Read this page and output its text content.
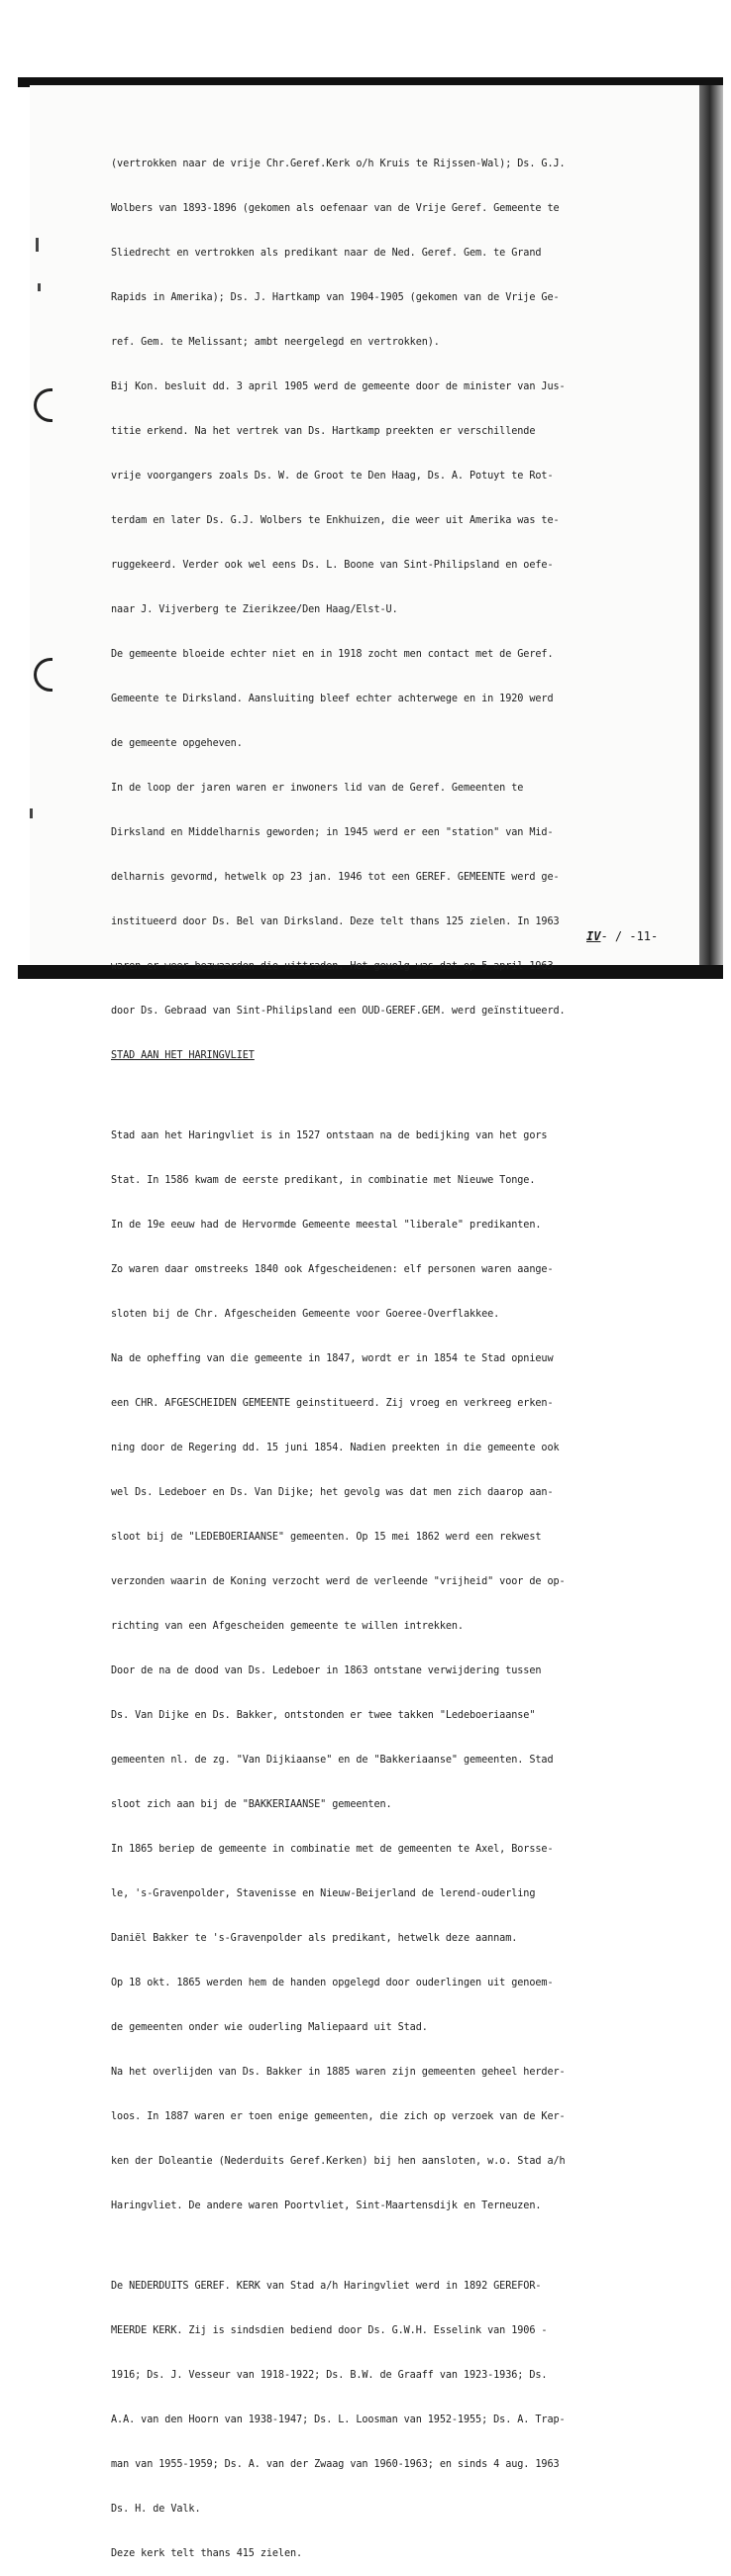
(vertrokken naar de vrije Chr.Geref.Kerk o/h Kruis te Rijssen-Wal); Ds. G.J.

Wolbers van 1893-1896 (gekomen als oefenaar van de Vrije Geref. Gemeente te

Sliedrecht en vertrokken als predikant naar de Ned. Geref. Gem. te Grand

Rapids in Amerika); Ds. J. Hartkamp van 1904-1905 (gekomen van de Vrije Ge-

ref. Gem. te Melissant; ambt neergelegd en vertrokken).

Bij Kon. besluit dd. 3 april 1905 werd de gemeente door de minister van Jus-

titie erkend. Na het vertrek van Ds. Hartkamp preekten er verschillende

vrije voorgangers zoals Ds. W. de Groot te Den Haag, Ds. A. Potuyt te Rot-

terdam en later Ds. G.J. Wolbers te Enkhuizen, die weer uit Amerika was te-

ruggekeerd. Verder ook wel eens Ds. L. Boone van Sint-Philipsland en oefe-

naar J. Vijverberg te Zierikzee/Den Haag/Elst-U.

De gemeente bloeide echter niet en in 1918 zocht men contact met de Geref.

Gemeente te Dirksland. Aansluiting bleef echter achterwege en in 1920 werd

de gemeente opgeheven.

In de loop der jaren waren er inwoners lid van de Geref. Gemeenten te

Dirksland en Middelharnis geworden; in 1945 werd er een "station" van Mid-

delharnis gevormd, hetwelk op 23 jan. 1946 tot een GEREF. GEMEENTE werd ge-

institueerd door Ds. Bel van Dirksland. Deze telt thans 125 zielen. In 1963

waren er weer bezwaarden die uittraden. Het gevolg was dat op 5 april 1963

door Ds. Gebraad van Sint-Philipsland een OUD-GEREF.GEM. werd geïnstitueerd.

STAD AAN HET HARINGVLIET

Stad aan het Haringvliet is in 1527 ontstaan na de bedijking van het gors

Stat. In 1586 kwam de eerste predikant, in combinatie met Nieuwe Tonge.

In de 19e eeuw had de Hervormde Gemeente meestal "liberale" predikanten.

Zo waren daar omstreeks 1840 ook Afgescheidenen: elf personen waren aange-

sloten bij de Chr. Afgescheiden Gemeente voor Goeree-Overflakkee.

Na de opheffing van die gemeente in 1847, wordt er in 1854 te Stad opnieuw

een CHR. AFGESCHEIDEN GEMEENTE geinstitueerd. Zij vroeg en verkreeg erken-

ning door de Regering dd. 15 juni 1854. Nadien preekten in die gemeente ook

wel Ds. Ledeboer en Ds. Van Dijke; het gevolg was dat men zich daarop aan-

sloot bij de "LEDEBOERIAANSE" gemeenten. Op 15 mei 1862 werd een rekwest

verzonden waarin de Koning verzocht werd de verleende "vrijheid" voor de op-

richting van een Afgescheiden gemeente te willen intrekken.

Door de na de dood van Ds. Ledeboer in 1863 ontstane verwijdering tussen

Ds. Van Dijke en Ds. Bakker, ontstonden er twee takken "Ledeboeriaanse"

gemeenten nl. de zg. "Van Dijkiaanse" en de "Bakkeriaanse" gemeenten. Stad

sloot zich aan bij de "BAKKERIAANSE" gemeenten.

In 1865 beriep de gemeente in combinatie met de gemeenten te Axel, Borsse-

le, 's-Gravenpolder, Stavenisse en Nieuw-Beijerland de lerend-ouderling

Daniël Bakker te 's-Gravenpolder als predikant, hetwelk deze aannam.

Op 18 okt. 1865 werden hem de handen opgelegd door ouderlingen uit genoem-

de gemeenten onder wie ouderling Maliepaard uit Stad.

Na het overlijden van Ds. Bakker in 1885 waren zijn gemeenten geheel herder-

loos. In 1887 waren er toen enige gemeenten, die zich op verzoek van de Ker-

ken der Doleantie (Nederduits Geref.Kerken) bij hen aansloten, w.o. Stad a/h

Haringvliet. De andere waren Poortvliet, Sint-Maartensdijk en Terneuzen.

De NEDERDUITS GEREF. KERK van Stad a/h Haringvliet werd in 1892 GEREFOR-

MEERDE KERK. Zij is sindsdien bediend door Ds. G.W.H. Esselink van 1906 -

1916; Ds. J. Vesseur van 1918-1922; Ds. B.W. de Graaff van 1923-1936; Ds.

A.A. van den Hoorn van 1938-1947; Ds. L. Loosman van 1952-1955; Ds. A. Trap-

man van 1955-1959; Ds. A. van der Zwaag van 1960-1963; en sinds 4 aug. 1963

Ds. H. de Valk.

Deze kerk telt thans 415 zielen.

IV- / -11-
